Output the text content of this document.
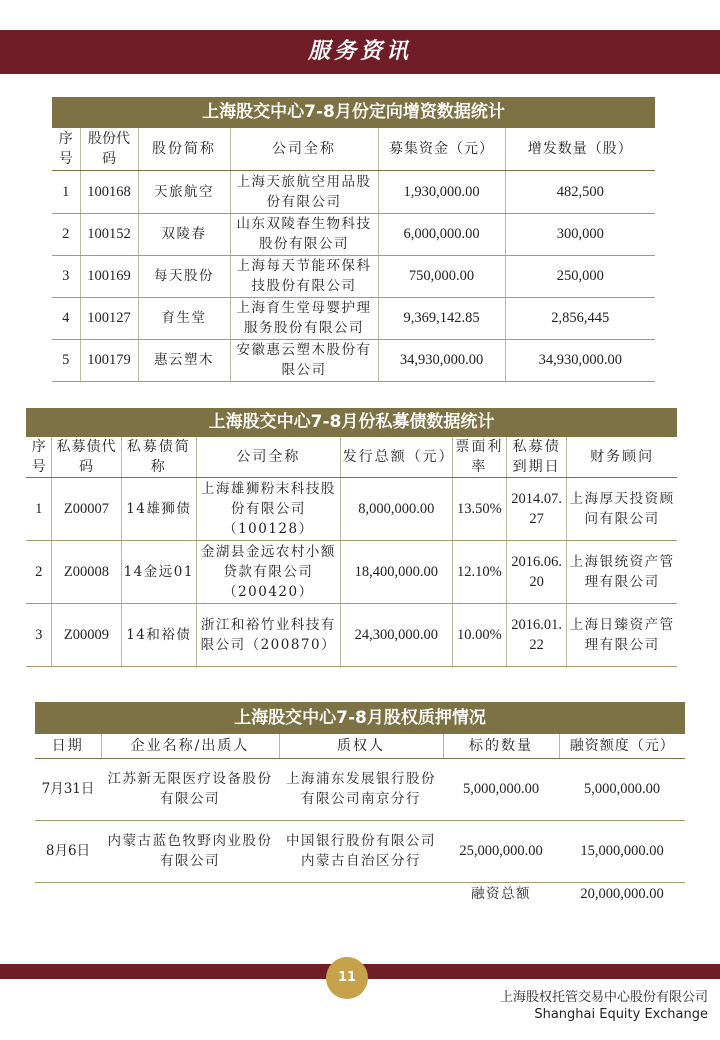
服务资讯
上海股交中心7-8月份定向增资数据统计
序号	股份代码	股份简称	公司全称	募集资金（元）	增发数量（股）
1	100168	天旅航空	上海天旅航空用品股份有限公司	1,930,000.00	482,500
2	100152	双陵春	山东双陵春生物科技股份有限公司	6,000,000.00	300,000
3	100169	每天股份	上海每天节能环保科技股份有限公司	750,000.00	250,000
4	100127	育生堂	上海育生堂母婴护理服务股份有限公司	9,369,142.85	2,856,445
5	100179	惠云塑木	安徽惠云塑木股份有限公司	34,930,000.00	34,930,000.00
上海股交中心7-8月份私募债数据统计
序号	私募债代码	私募债简称	公司全称	发行总额（元）	票面利率	私募债到期日	财务顾问
1	Z00007	14雄狮债	上海雄狮粉末科技股份有限公司（100128）	8,000,000.00	13.50%	2014.07.27	上海厚天投资顾问有限公司
2	Z00008	14金远01	金湖县金远农村小额贷款有限公司（200420）	18,400,000.00	12.10%	2016.06.20	上海银统资产管理有限公司
3	Z00009	14和裕债	浙江和裕竹业科技有限公司（200870）	24,300,000.00	10.00%	2016.01.22	上海日臻资产管理有限公司
上海股交中心7-8月股权质押情况
日期	企业名称/出质人	质权人	标的数量	融资额度（元）
7月31日	江苏新无限医疗设备股份有限公司	上海浦东发展银行股份有限公司南京分行	5,000,000.00	5,000,000.00
8月6日	内蒙古蓝色牧野肉业股份有限公司	中国银行股份有限公司内蒙古自治区分行	25,000,000.00	15,000,000.00
			融资总额	20,000,000.00
11
上海股权托管交易中心股份有限公司
Shanghai Equity Exchange
